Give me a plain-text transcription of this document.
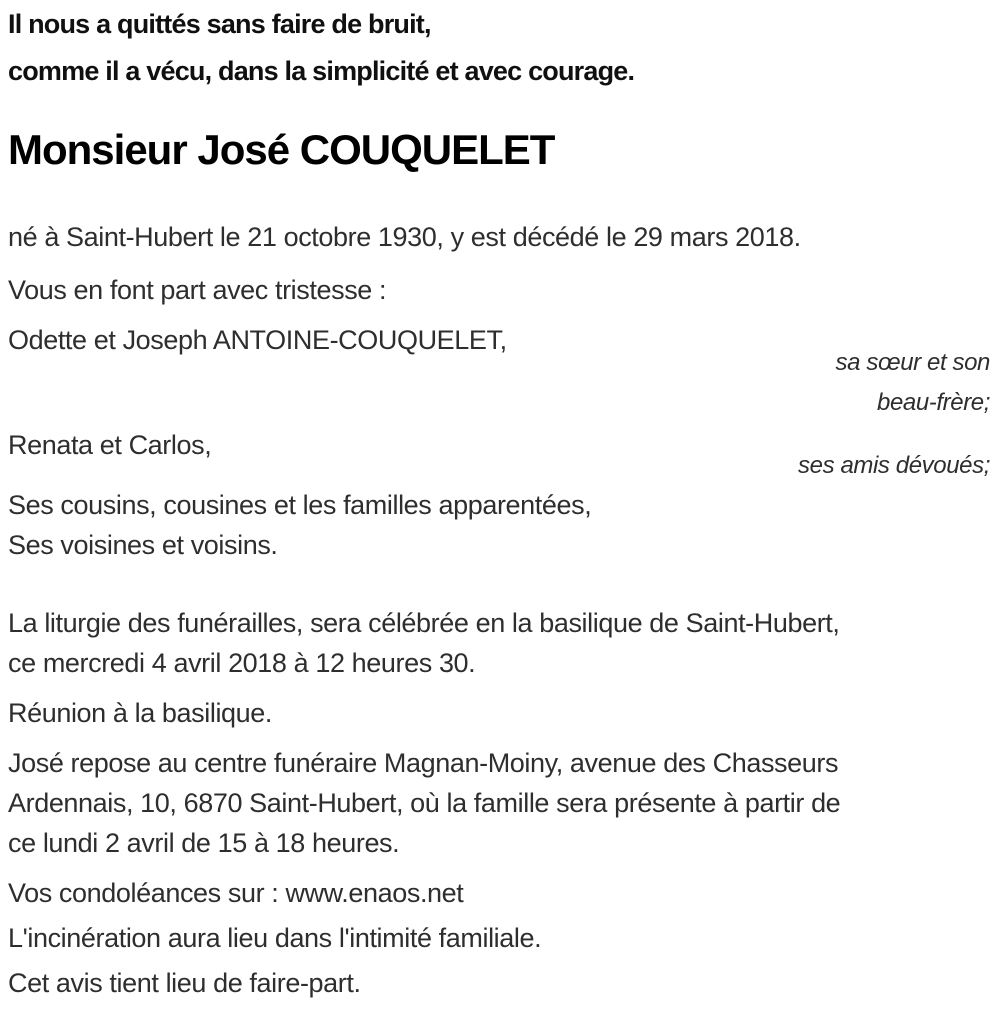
Il nous a quittés sans faire de bruit,
comme il a vécu, dans la simplicité et avec courage.
Monsieur José COUQUELET
né à Saint-Hubert le 21 octobre 1930, y est décédé le 29 mars 2018.
Vous en font part avec tristesse :
Odette et Joseph ANTOINE-COUQUELET,
sa sœur et son
beau-frère;
Renata et Carlos,
ses amis dévoués;
Ses cousins, cousines et les familles apparentées,
Ses voisines et voisins.
La liturgie des funérailles, sera célébrée en la basilique de Saint-Hubert,
ce mercredi 4 avril 2018 à 12 heures 30.
Réunion à la basilique.
José repose au centre funéraire Magnan-Moiny, avenue des Chasseurs
Ardennais, 10, 6870 Saint-Hubert, où la famille sera présente à partir de
ce lundi 2 avril de 15 à 18 heures.
Vos condoléances sur : www.enaos.net
L'incinération aura lieu dans l'intimité familiale.
Cet avis tient lieu de faire-part.
